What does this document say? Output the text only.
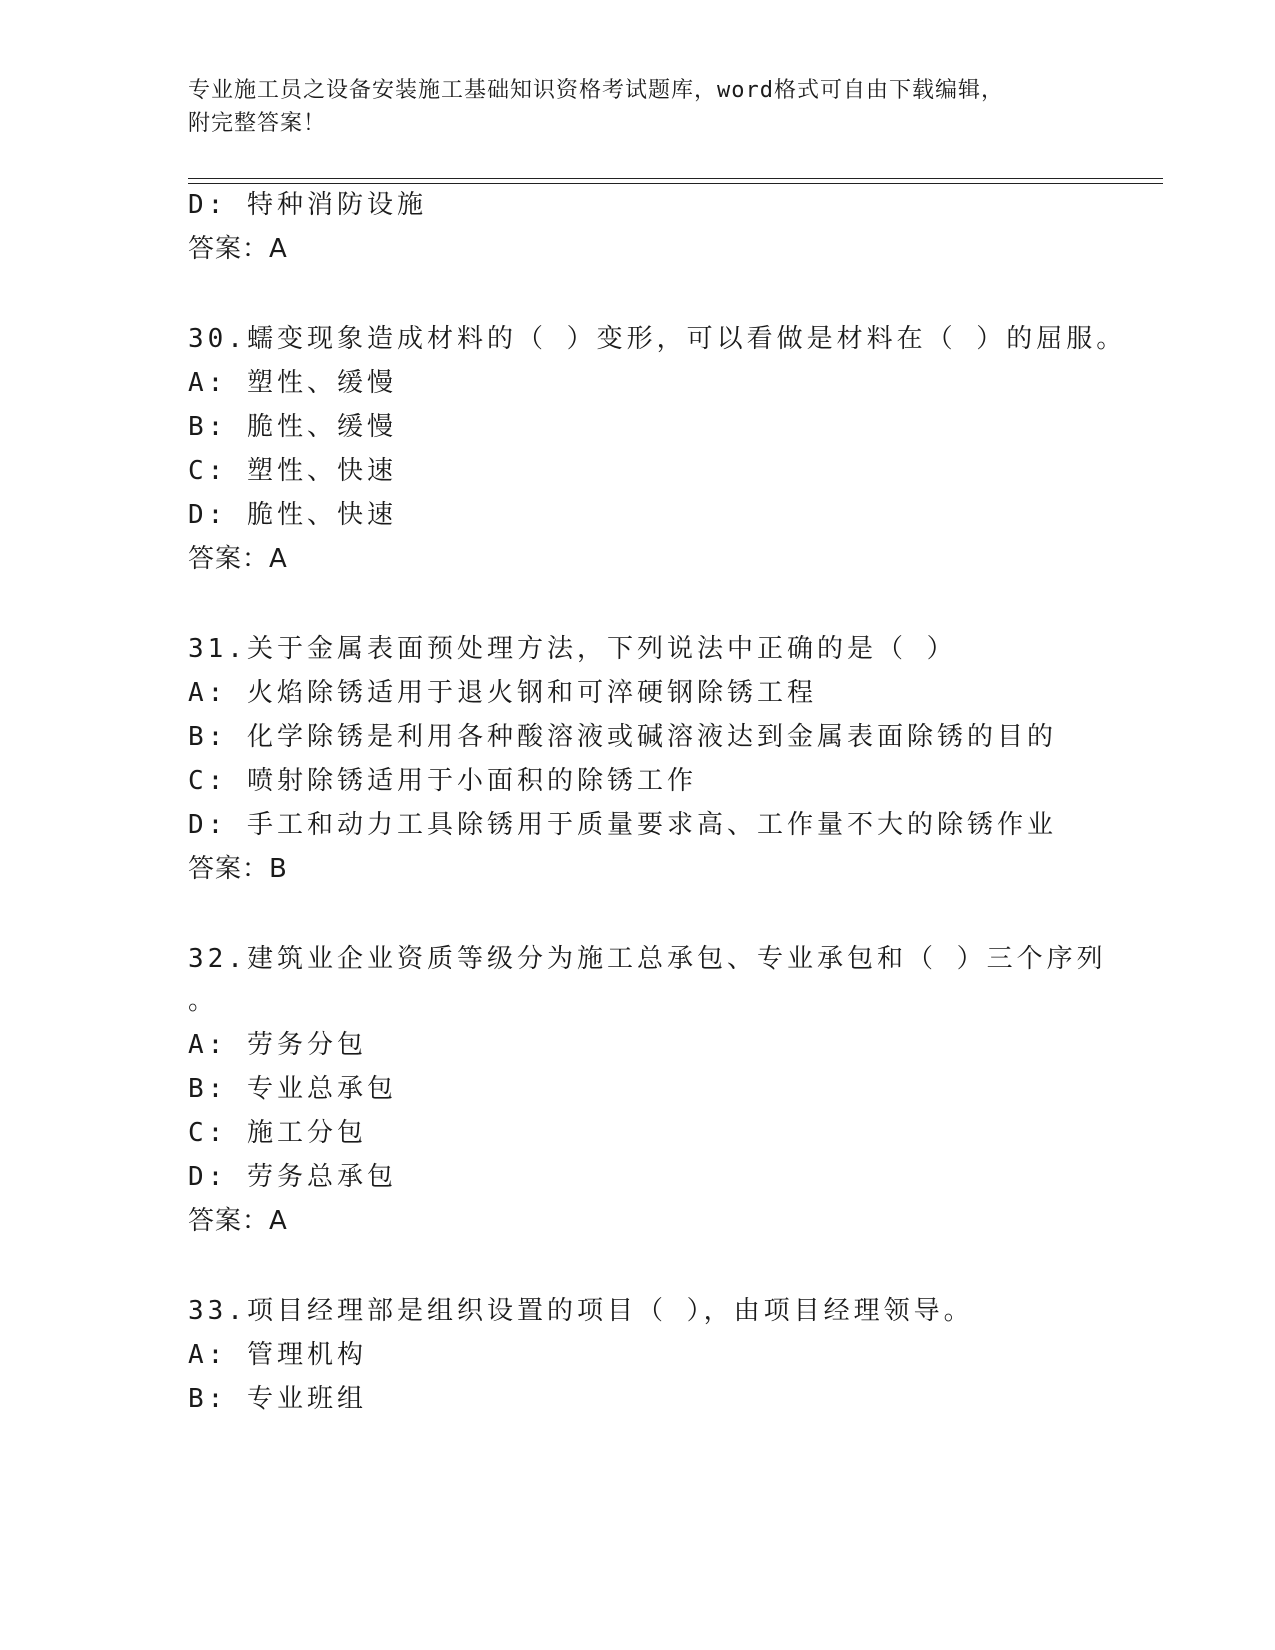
专业施工员之设备安装施工基础知识资格考试题库，word格式可自由下载编辑，
附完整答案！
D: 特种消防设施
答案：A
30.蠕变现象造成材料的（ ）变形，可以看做是材料在（ ）的屈服。
A: 塑性、缓慢
B: 脆性、缓慢
C: 塑性、快速
D: 脆性、快速
答案：A
31.关于金属表面预处理方法，下列说法中正确的是（ ）
A: 火焰除锈适用于退火钢和可淬硬钢除锈工程
B: 化学除锈是利用各种酸溶液或碱溶液达到金属表面除锈的目的
C: 喷射除锈适用于小面积的除锈工作
D: 手工和动力工具除锈用于质量要求高、工作量不大的除锈作业
答案：B
32.建筑业企业资质等级分为施工总承包、专业承包和（ ）三个序列
。
A: 劳务分包
B: 专业总承包
C: 施工分包
D: 劳务总承包
答案：A
33.项目经理部是组织设置的项目（ ），由项目经理领导。
A: 管理机构
B: 专业班组
